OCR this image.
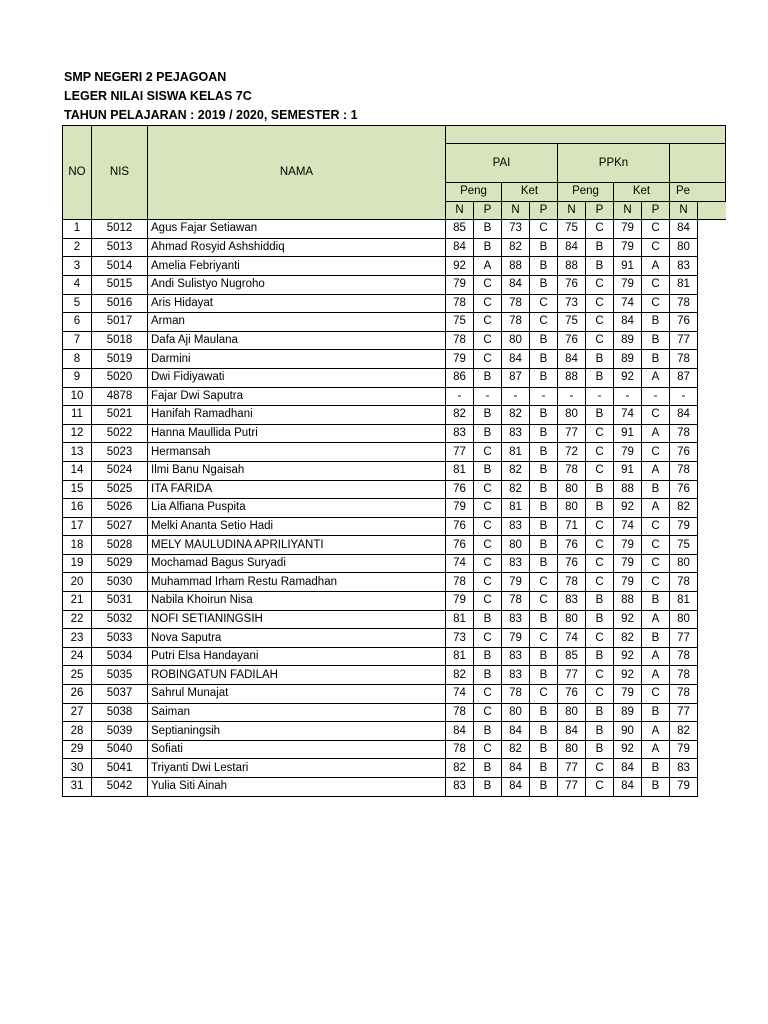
SMP NEGERI 2 PEJAGOAN
LEGER NILAI SISWA KELAS 7C
TAHUN PELAJARAN : 2019 / 2020, SEMESTER : 1
NO	NIS	NAMA										
			PAI				PPKn					
			Peng		Ket		Peng		Ket		Pe	
			N	P	N	P	N	P	N	P	N	
1	5012	Agus Fajar Setiawan	85	B	73	C	75	C	79	C	84	
2	5013	Ahmad Rosyid Ashshiddiq	84	B	82	B	84	B	79	C	80	
3	5014	Amelia Febriyanti	92	A	88	B	88	B	91	A	83	
4	5015	Andi Sulistyo Nugroho	79	C	84	B	76	C	79	C	81	
5	5016	Aris Hidayat	78	C	78	C	73	C	74	C	78	
6	5017	Arman	75	C	78	C	75	C	84	B	76	
7	5018	Dafa Aji Maulana	78	C	80	B	76	C	89	B	77	
8	5019	Darmini	79	C	84	B	84	B	89	B	78	
9	5020	Dwi Fidiyawati	86	B	87	B	88	B	92	A	87	
10	4878	Fajar Dwi Saputra	-	-	-	-	-	-	-	-	-	
11	5021	Hanifah Ramadhani	82	B	82	B	80	B	74	C	84	
12	5022	Hanna Maullida Putri	83	B	83	B	77	C	91	A	78	
13	5023	Hermansah	77	C	81	B	72	C	79	C	76	
14	5024	Ilmi Banu Ngaisah	81	B	82	B	78	C	91	A	78	
15	5025	ITA FARIDA	76	C	82	B	80	B	88	B	76	
16	5026	Lia Alfiana Puspita	79	C	81	B	80	B	92	A	82	
17	5027	Melki Ananta Setio Hadi	76	C	83	B	71	C	74	C	79	
18	5028	MELY MAULUDINA APRILIYANTI	76	C	80	B	76	C	79	C	75	
19	5029	Mochamad Bagus Suryadi	74	C	83	B	76	C	79	C	80	
20	5030	Muhammad Irham Restu Ramadhan	78	C	79	C	78	C	79	C	78	
21	5031	Nabila Khoirun Nisa	79	C	78	C	83	B	88	B	81	
22	5032	NOFI SETIANINGSIH	81	B	83	B	80	B	92	A	80	
23	5033	Nova Saputra	73	C	79	C	74	C	82	B	77	
24	5034	Putri Elsa Handayani	81	B	83	B	85	B	92	A	78	
25	5035	ROBINGATUN FADILAH	82	B	83	B	77	C	92	A	78	
26	5037	Sahrul Munajat	74	C	78	C	76	C	79	C	78	
27	5038	Saiman	78	C	80	B	80	B	89	B	77	
28	5039	Septianingsih	84	B	84	B	84	B	90	A	82	
29	5040	Sofiati	78	C	82	B	80	B	92	A	79	
30	5041	Triyanti Dwi Lestari	82	B	84	B	77	C	84	B	83	
31	5042	Yulia Siti Ainah	83	B	84	B	77	C	84	B	79	
